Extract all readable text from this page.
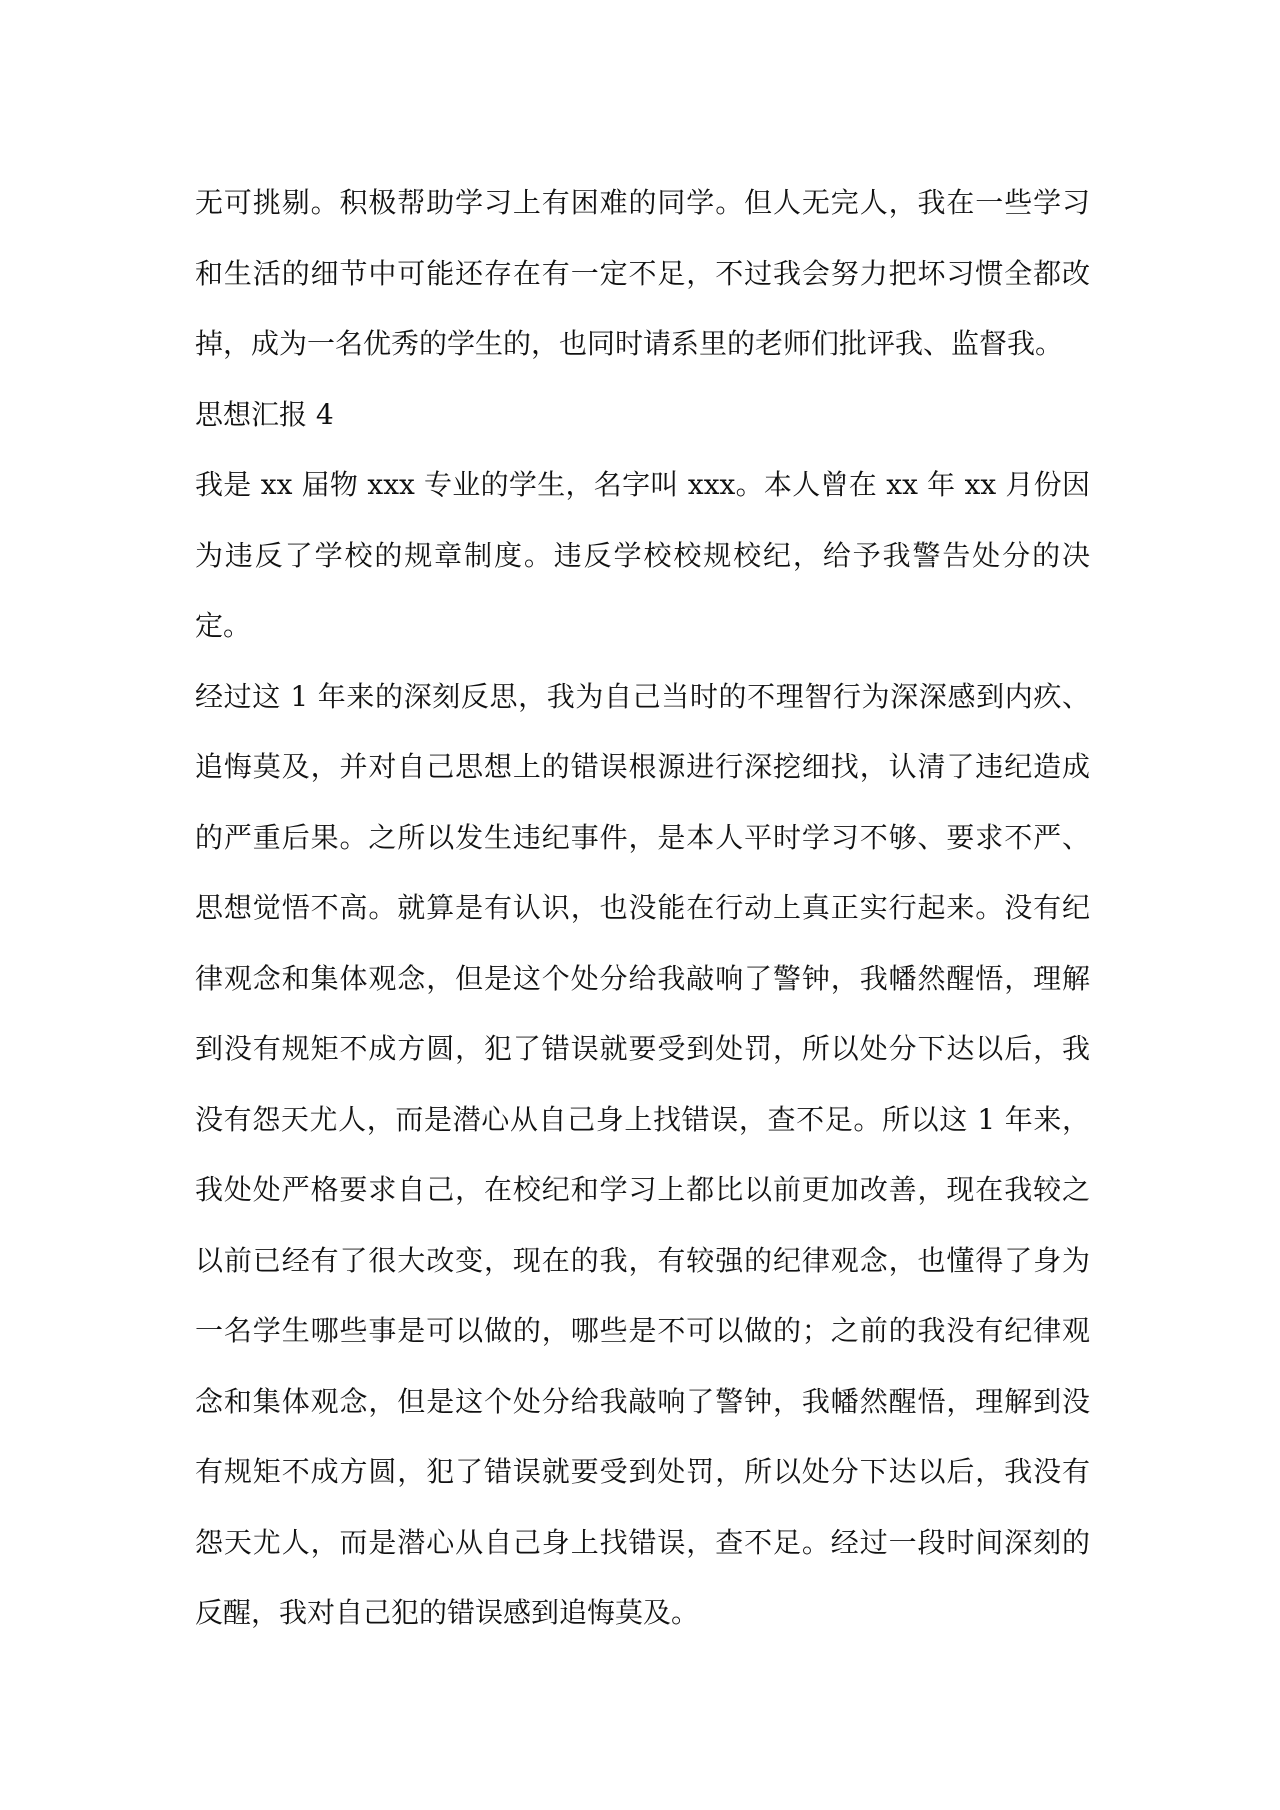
无可挑剔。积极帮助学习上有困难的同学。但人无完人，我在一些学习和生活的细节中可能还存在有一定不足，不过我会努力把坏习惯全都改掉，成为一名优秀的学生的，也同时请系里的老师们批评我、监督我。

思想汇报 4

我是 xx 届物 xxx 专业的学生，名字叫 xxx。本人曾在 xx 年 xx 月份因为违反了学校的规章制度。违反学校校规校纪，给予我警告处分的决定。

经过这 1 年来的深刻反思，我为自己当时的不理智行为深深感到内疚、追悔莫及，并对自己思想上的错误根源进行深挖细找，认清了违纪造成的严重后果。之所以发生违纪事件，是本人平时学习不够、要求不严、思想觉悟不高。就算是有认识，也没能在行动上真正实行起来。没有纪律观念和集体观念，但是这个处分给我敲响了警钟，我幡然醒悟，理解到没有规矩不成方圆，犯了错误就要受到处罚，所以处分下达以后，我没有怨天尤人，而是潜心从自己身上找错误，查不足。所以这 1 年来，我处处严格要求自己，在校纪和学习上都比以前更加改善，现在我较之以前已经有了很大改变，现在的我，有较强的纪律观念，也懂得了身为一名学生哪些事是可以做的，哪些是不可以做的；之前的我没有纪律观念和集体观念，但是这个处分给我敲响了警钟，我幡然醒悟，理解到没有规矩不成方圆，犯了错误就要受到处罚，所以处分下达以后，我没有怨天尤人，而是潜心从自己身上找错误，查不足。经过一段时间深刻的反醒，我对自己犯的错误感到追悔莫及。
